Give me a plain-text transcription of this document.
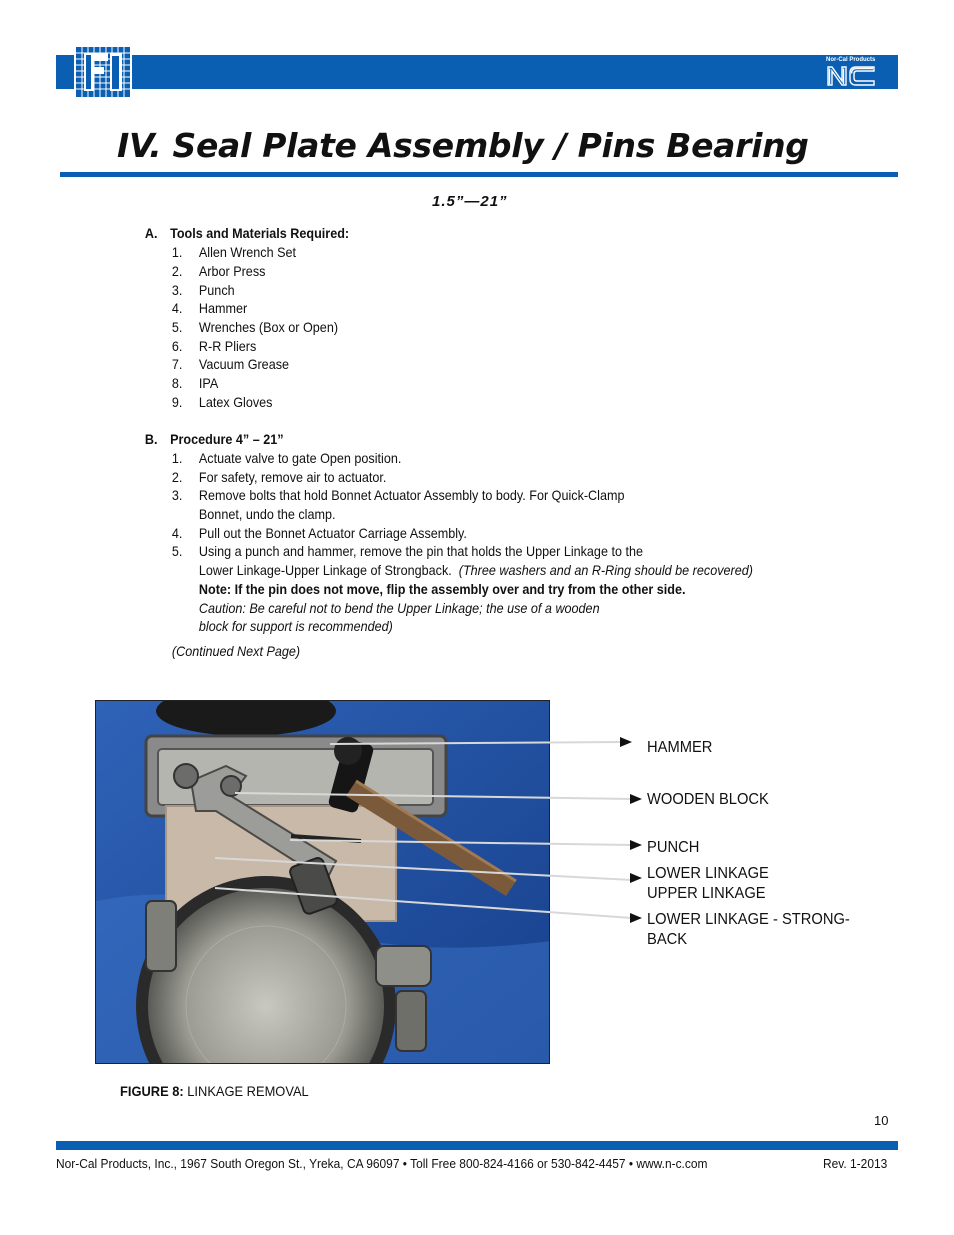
Nor-Cal Products
IV. Seal Plate Assembly / Pins Bearing
1.5”—21”
A. Tools and Materials Required:
1. Allen Wrench Set
2. Arbor Press
3. Punch
4. Hammer
5. Wrenches (Box or Open)
6. R-R Pliers
7. Vacuum Grease
8. IPA
9. Latex Gloves
B. Procedure 4” – 21”
1. Actuate valve to gate Open position.
2. For safety, remove air to actuator.
3. Remove bolts that hold Bonnet Actuator Assembly to body. For Quick-Clamp
Bonnet, undo the clamp.
4. Pull out the Bonnet Actuator Carriage Assembly.
5. Using a punch and hammer, remove the pin that holds the Upper Linkage to the
Lower Linkage-Upper Linkage of Strongback. (Three washers and an R-Ring should be recovered)
Note: If the pin does not move, flip the assembly over and try from the other side.
Caution: Be careful not to bend the Upper Linkage; the use of a wooden
block for support is recommended)
(Continued Next Page)
HAMMER
WOODEN BLOCK
PUNCH
LOWER LINKAGE
UPPER LINKAGE
LOWER LINKAGE - STRONG-
BACK
FIGURE 8: LINKAGE REMOVAL
10
Nor-Cal Products, Inc., 1967 South Oregon St., Yreka, CA 96097 • Toll Free 800-824-4166 or 530-842-4457 • www.n-c.com	Rev. 1-2013
